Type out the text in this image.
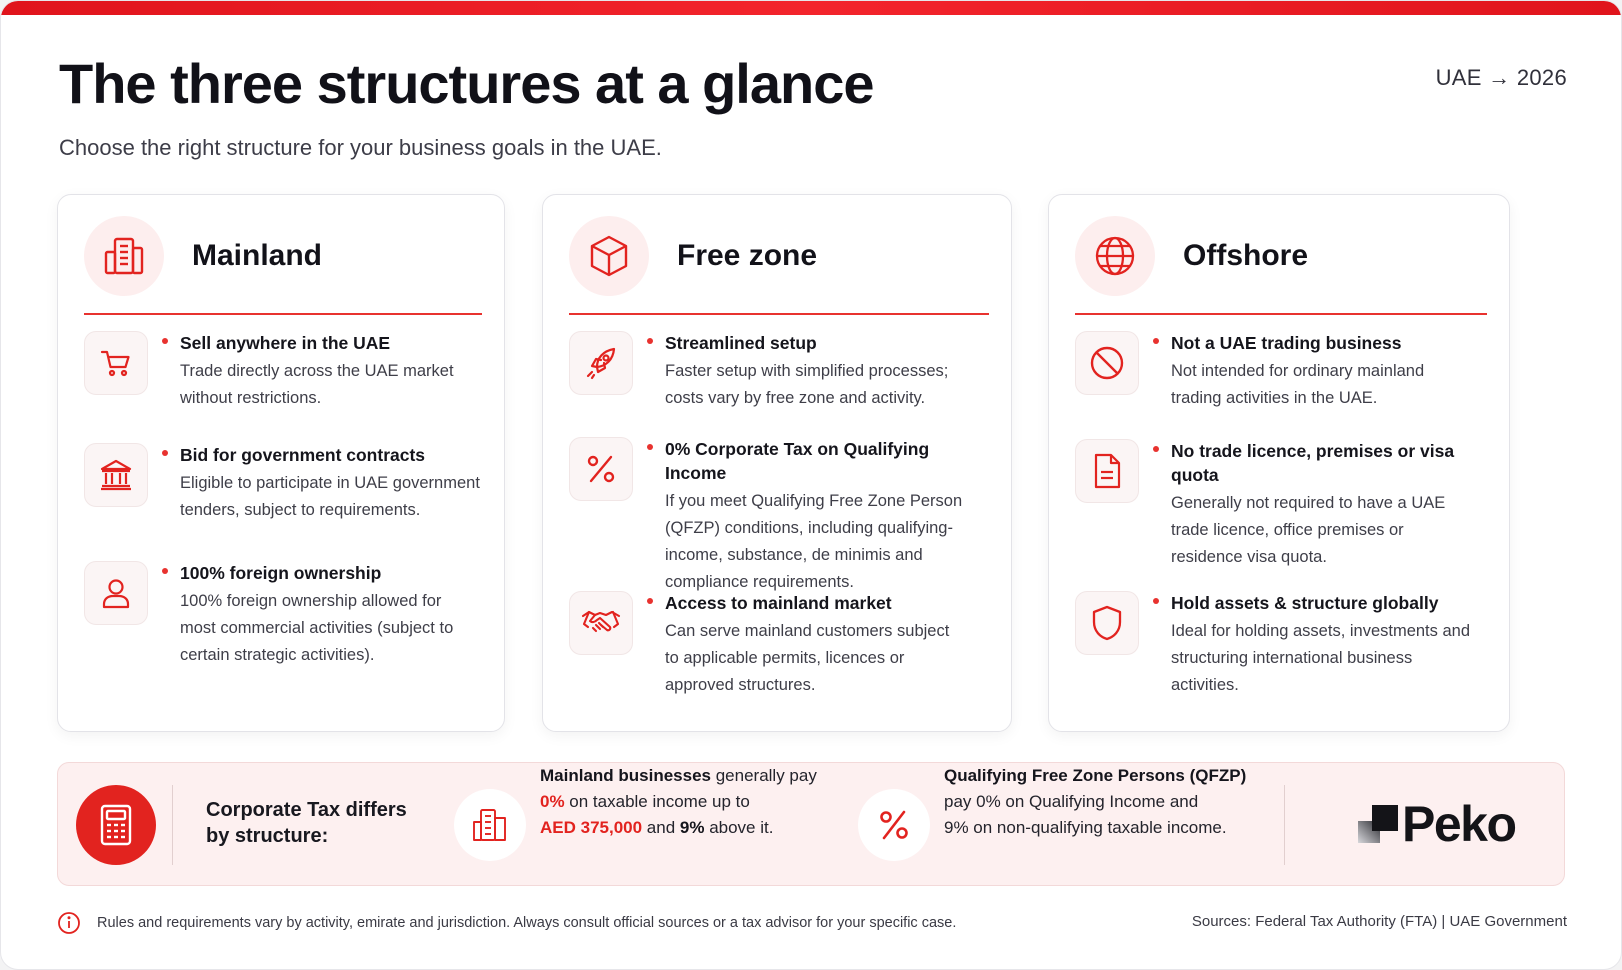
The three structures at a glance
Choose the right structure for your business goals in the UAE.
UAE → 2026
Mainland
Sell anywhere in the UAE
Trade directly across the UAE market without restrictions.
Bid for government contracts
Eligible to participate in UAE government tenders, subject to requirements.
100% foreign ownership
100% foreign ownership allowed for most commercial activities (subject to certain strategic activities).
Free zone
Streamlined setup
Faster setup with simplified processes; costs vary by free zone and activity.
0% Corporate Tax on Qualifying Income
If you meet Qualifying Free Zone Person (QFZP) conditions, including qualifying-income, substance, de minimis and compliance requirements.
Access to mainland market
Can serve mainland customers subject to applicable permits, licences or approved structures.
Offshore
Not a UAE trading business
Not intended for ordinary mainland trading activities in the UAE.
No trade licence, premises or visa quota
Generally not required to have a UAE trade licence, office premises or residence visa quota.
Hold assets & structure globally
Ideal for holding assets, investments and structuring international business activities.
Corporate Tax differs by structure:
Mainland businesses generally pay
0% on taxable income up to
AED 375,000 and 9% above it.
Qualifying Free Zone Persons (QFZP)
pay 0% on Qualifying Income and
9% on non-qualifying taxable income.	Peko
Rules and requirements vary by activity, emirate and jurisdiction. Always consult official sources or a tax advisor for your specific case.	Sources: Federal Tax Authority (FTA) | UAE Government
